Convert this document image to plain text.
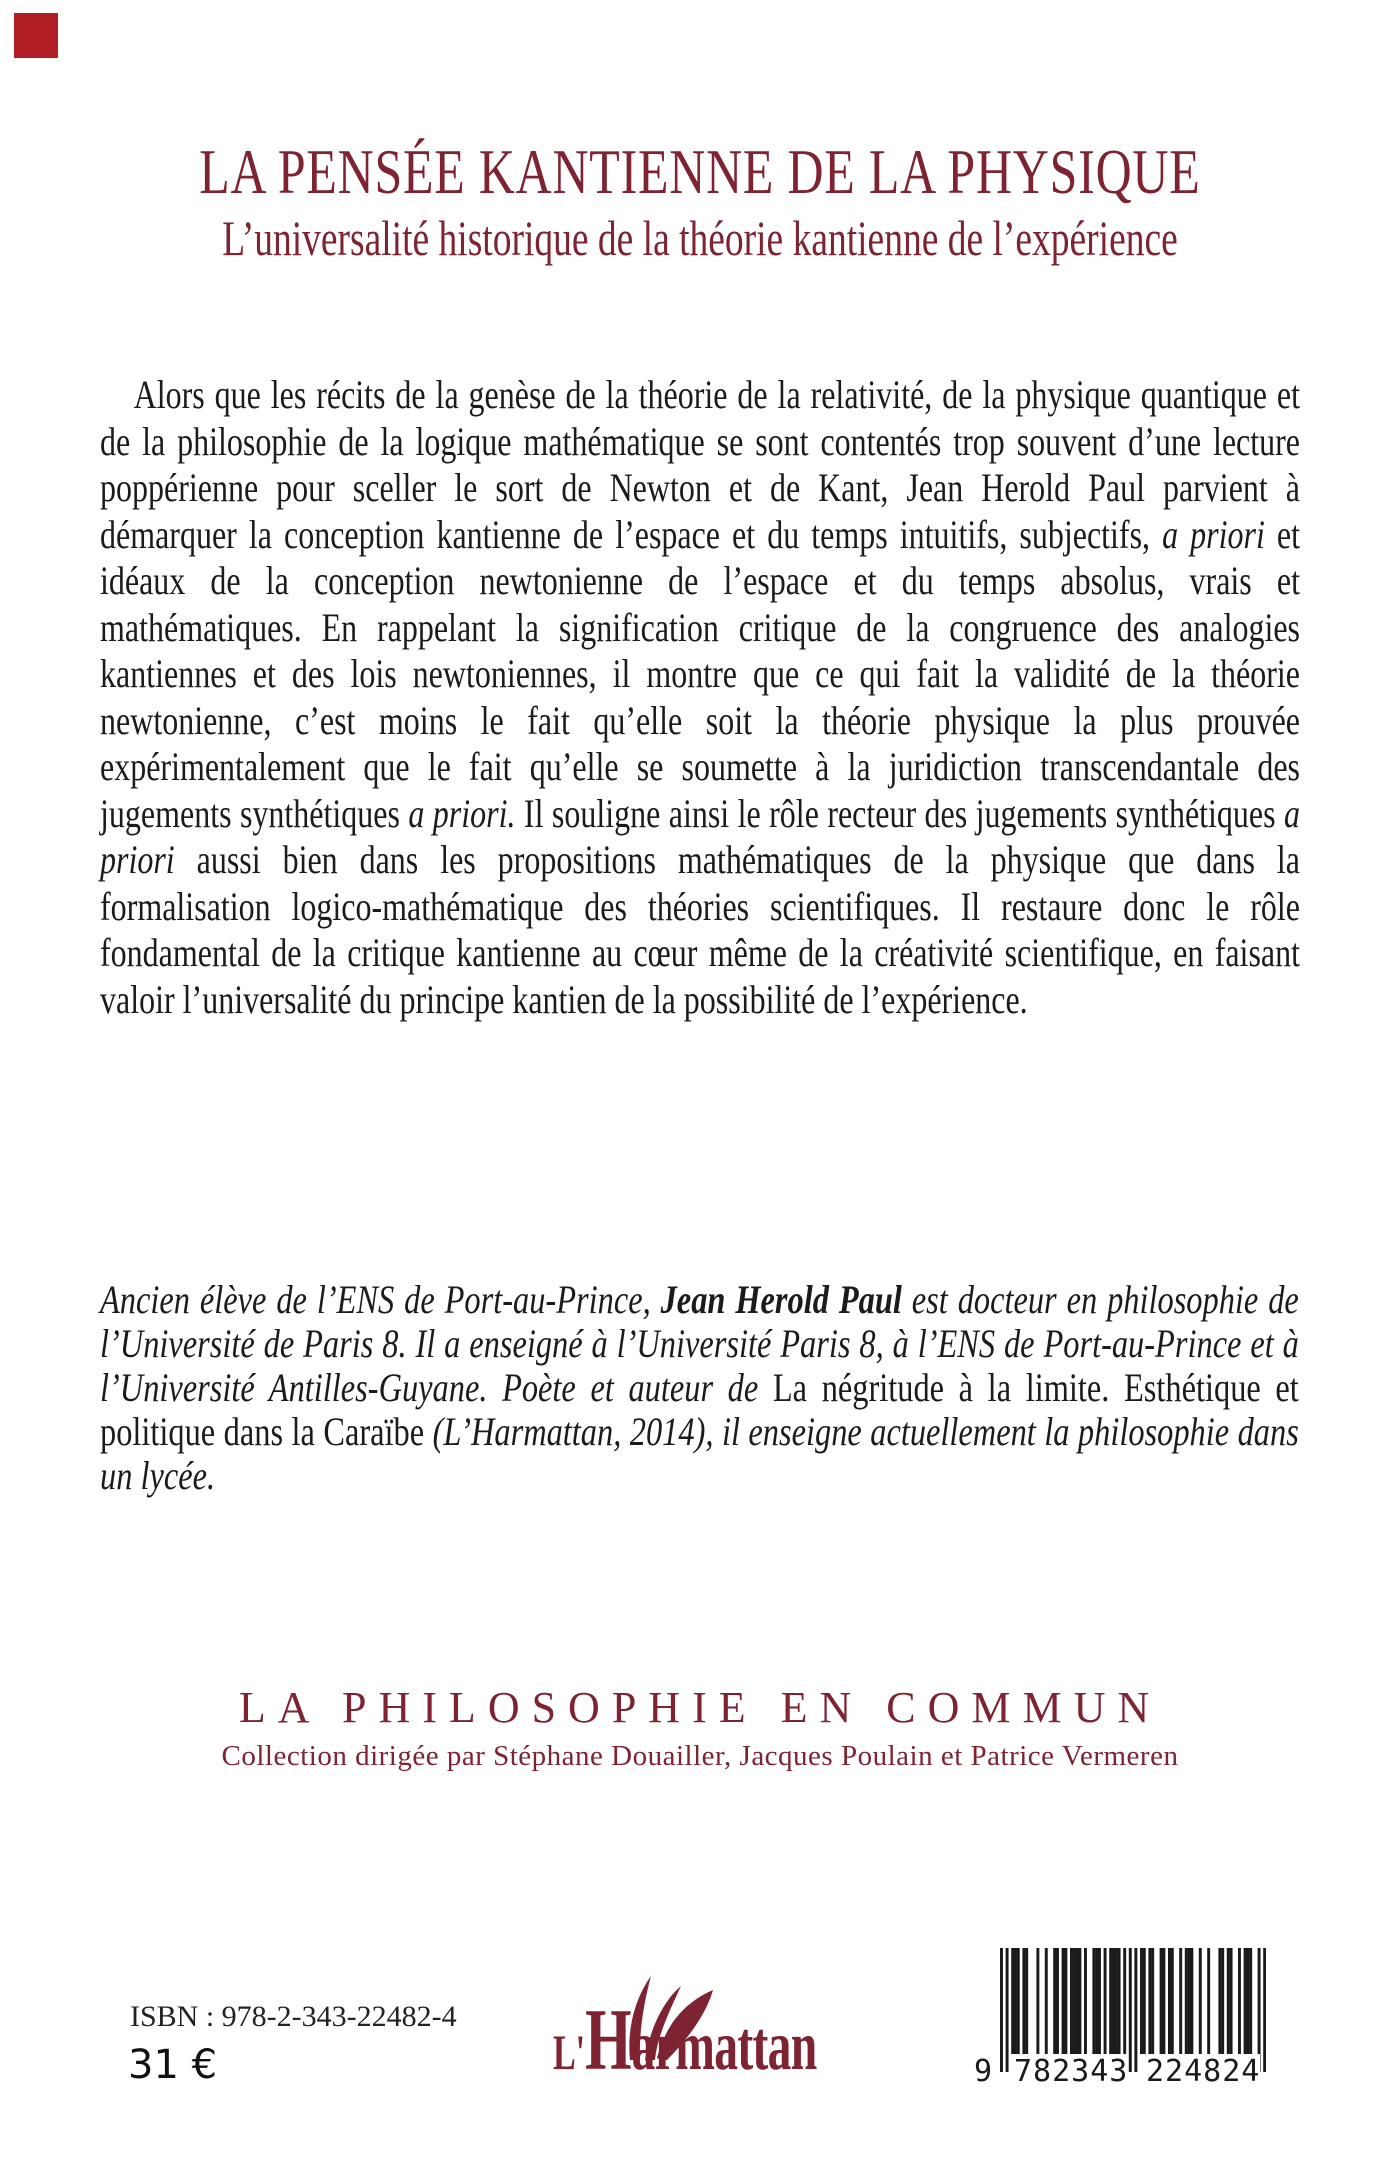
LA PENSÉE KANTIENNE DE LA PHYSIQUE
L’universalité historique de la théorie kantienne de l’expérience
Alors que les récits de la genèse de la théorie de la relativité, de la physique quantique et de la philosophie de la logique mathématique se sont contentés trop souvent d’une lecture poppérienne pour sceller le sort de Newton et de Kant, Jean Herold Paul parvient à démarquer la conception kantienne de l’espace et du temps intuitifs, subjectifs, a priori et idéaux de la conception newtonienne de l’espace et du temps absolus, vrais et mathématiques. En rappelant la signification critique de la congruence des analogies kantiennes et des lois newtoniennes, il montre que ce qui fait la validité de la théorie newtonienne, c’est moins le fait qu’elle soit la théorie physique la plus prouvée expérimentalement que le fait qu’elle se soumette à la juridiction transcendantale des jugements synthétiques a priori. Il souligne ainsi le rôle recteur des jugements synthétiques a priori aussi bien dans les propositions mathématiques de la physique que dans la formalisation logico-mathématique des théories scientifiques. Il restaure donc le rôle fondamental de la critique kantienne au cœur même de la créativité scientifique, en faisant valoir l’universalité du principe kantien de la possibilité de l’expérience.
Ancien élève de l’ENS de Port-au-Prince, Jean Herold Paul est docteur en philosophie de l’Université de Paris 8. Il a enseigné à l’Université Paris 8, à l’ENS de Port-au-Prince et à l’Université Antilles-Guyane. Poète et auteur de La négritude à la limite. Esthétique et politique dans la Caraïbe (L’Harmattan, 2014), il enseigne actuellement la philosophie dans un lycée.
LA PHILOSOPHIE EN COMMUN
Collection dirigée par Stéphane Douailler, Jacques Poulain et Patrice Vermeren
ISBN : 978-2-343-22482-4
31 €	L' H armattan	9 782343 224824
